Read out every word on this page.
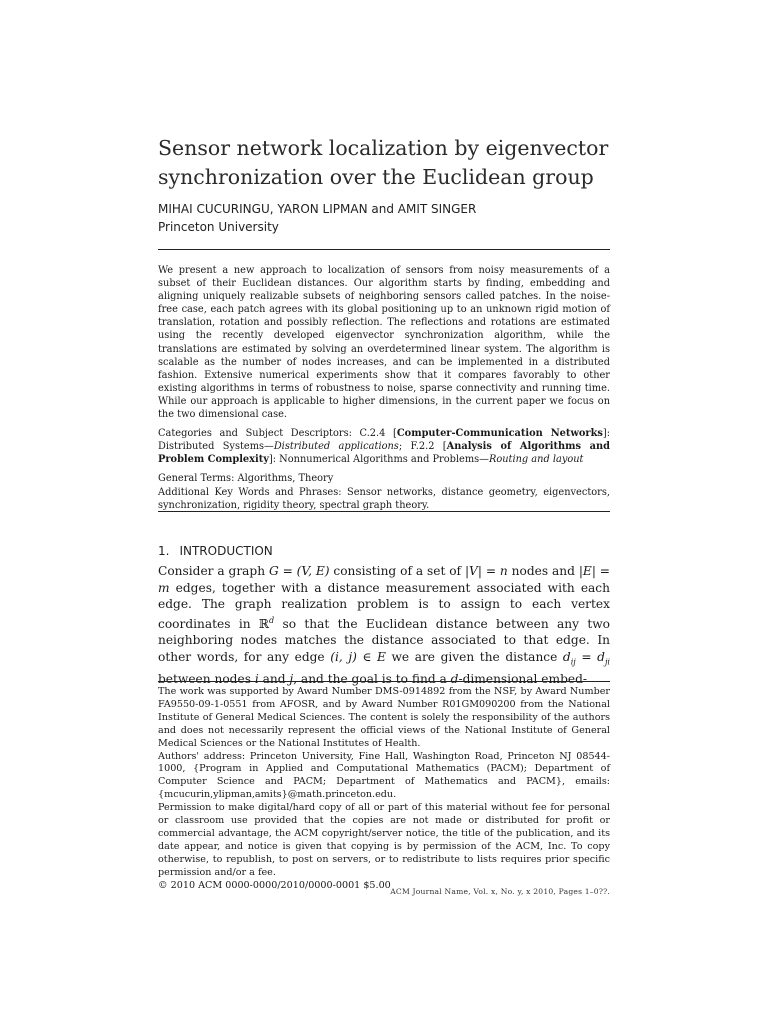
Sensor network localization by eigenvector
synchronization over the Euclidean group
MIHAI CUCURINGU, YARON LIPMAN and AMIT SINGER
Princeton University

We present a new approach to localization of sensors from noisy measurements of a subset of their Euclidean distances. Our algorithm starts by finding, embedding and aligning uniquely realizable subsets of neighboring sensors called patches. In the noise-free case, each patch agrees with its global positioning up to an unknown rigid motion of translation, rotation and possibly reflection. The reflections and rotations are estimated using the recently developed eigenvector synchronization algorithm, while the translations are estimated by solving an overdetermined linear system. The algorithm is scalable as the number of nodes increases, and can be implemented in a distributed fashion. Extensive numerical experiments show that it compares favorably to other existing algorithms in terms of robustness to noise, sparse connectivity and running time. While our approach is applicable to higher dimensions, in the current paper we focus on the two dimensional case.

Categories and Subject Descriptors: C.2.4 [Computer-Communication Networks]: Distributed Systems—Distributed applications; F.2.2 [Analysis of Algorithms and Problem Complexity]: Nonnumerical Algorithms and Problems—Routing and layout

General Terms: Algorithms, Theory

Additional Key Words and Phrases: Sensor networks, distance geometry, eigenvectors, synchronization, rigidity theory, spectral graph theory.

1. INTRODUCTION

Consider a graph G = (V, E) consisting of a set of |V| = n nodes and |E| = m edges, together with a distance measurement associated with each edge. The graph realization problem is to assign to each vertex coordinates in ℝ$^d$ so that the Euclidean distance between any two neighboring nodes matches the distance associated to that edge. In other words, for any edge (i, j) ∈ E we are given the distance $d_{ij} = d_{ji}$ between nodes i and j, and the goal is to find a d-dimensional embed-

The work was supported by Award Number DMS-0914892 from the NSF, by Award Number FA9550-09-1-0551 from AFOSR, and by Award Number R01GM090200 from the National Institute of General Medical Sciences. The content is solely the responsibility of the authors and does not necessarily represent the official views of the National Institute of General Medical Sciences or the National Institutes of Health.

Authors' address: Princeton University, Fine Hall, Washington Road, Princeton NJ 08544-1000, {Program in Applied and Computational Mathematics (PACM); Department of Computer Science and PACM; Department of Mathematics and PACM}, emails: {mcucurin,ylipman,amits}@math.princeton.edu.

Permission to make digital/hard copy of all or part of this material without fee for personal or classroom use provided that the copies are not made or distributed for profit or commercial advantage, the ACM copyright/server notice, the title of the publication, and its date appear, and notice is given that copying is by permission of the ACM, Inc. To copy otherwise, to republish, to post on servers, or to redistribute to lists requires prior specific permission and/or a fee.

© 2010 ACM 0000-0000/2010/0000-0001 $5.00

ACM Journal Name, Vol. x, No. y, x 2010, Pages 1–0??.
